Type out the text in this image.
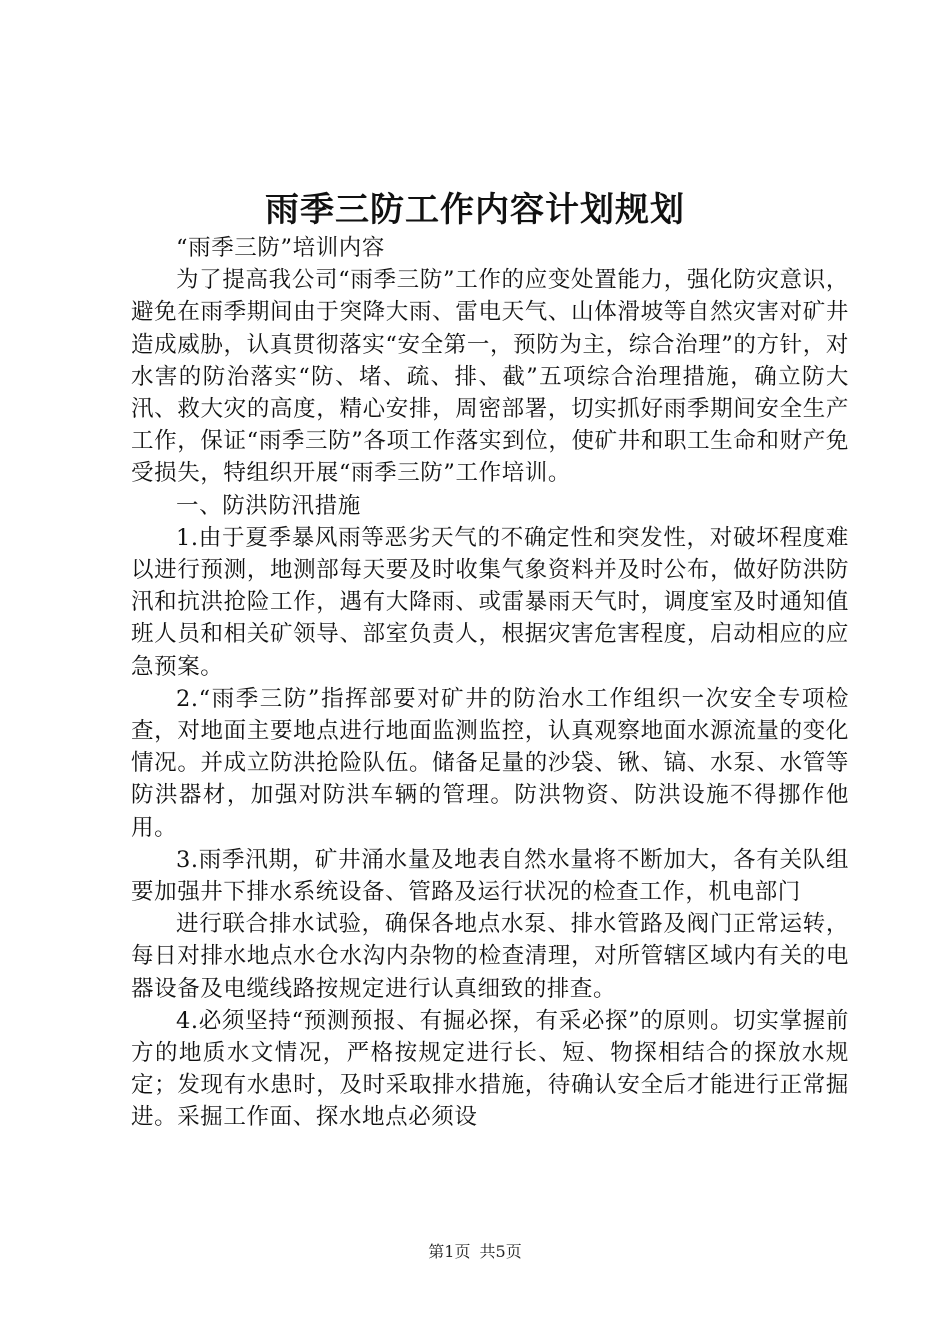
雨季三防工作内容计划规划

“雨季三防”培训内容

为了提高我公司“雨季三防”工作的应变处置能力，强化防灾意识，避免在雨季期间由于突降大雨、雷电天气、山体滑坡等自然灾害对矿井造成威胁，认真贯彻落实“安全第一，预防为主，综合治理”的方针，对水害的防治落实“防、堵、疏、排、截”五项综合治理措施，确立防大汛、救大灾的高度，精心安排，周密部署，切实抓好雨季期间安全生产工作，保证“雨季三防”各项工作落实到位，使矿井和职工生命和财产免受损失，特组织开展“雨季三防”工作培训。

一、防洪防汛措施

1.由于夏季暴风雨等恶劣天气的不确定性和突发性，对破坏程度难以进行预测，地测部每天要及时收集气象资料并及时公布，做好防洪防汛和抗洪抢险工作，遇有大降雨、或雷暴雨天气时，调度室及时通知值班人员和相关矿领导、部室负责人，根据灾害危害程度，启动相应的应急预案。

2.“雨季三防”指挥部要对矿井的防治水工作组织一次安全专项检查，对地面主要地点进行地面监测监控，认真观察地面水源流量的变化情况。并成立防洪抢险队伍。储备足量的沙袋、锹、镐、水泵、水管等防洪器材，加强对防洪车辆的管理。防洪物资、防洪设施不得挪作他用。

3.雨季汛期，矿井涌水量及地表自然水量将不断加大，各有关队组要加强井下排水系统设备、管路及运行状况的检查工作，机电部门

进行联合排水试验，确保各地点水泵、排水管路及阀门正常运转，每日对排水地点水仓水沟内杂物的检查清理，对所管辖区域内有关的电器设备及电缆线路按规定进行认真细致的排查。

4.必须坚持“预测预报、有掘必探，有采必探”的原则。切实掌握前方的地质水文情况，严格按规定进行长、短、物探相结合的探放水规定；发现有水患时，及时采取排水措施，待确认安全后才能进行正常掘进。采掘工作面、探水地点必须设

第1页 共5页
